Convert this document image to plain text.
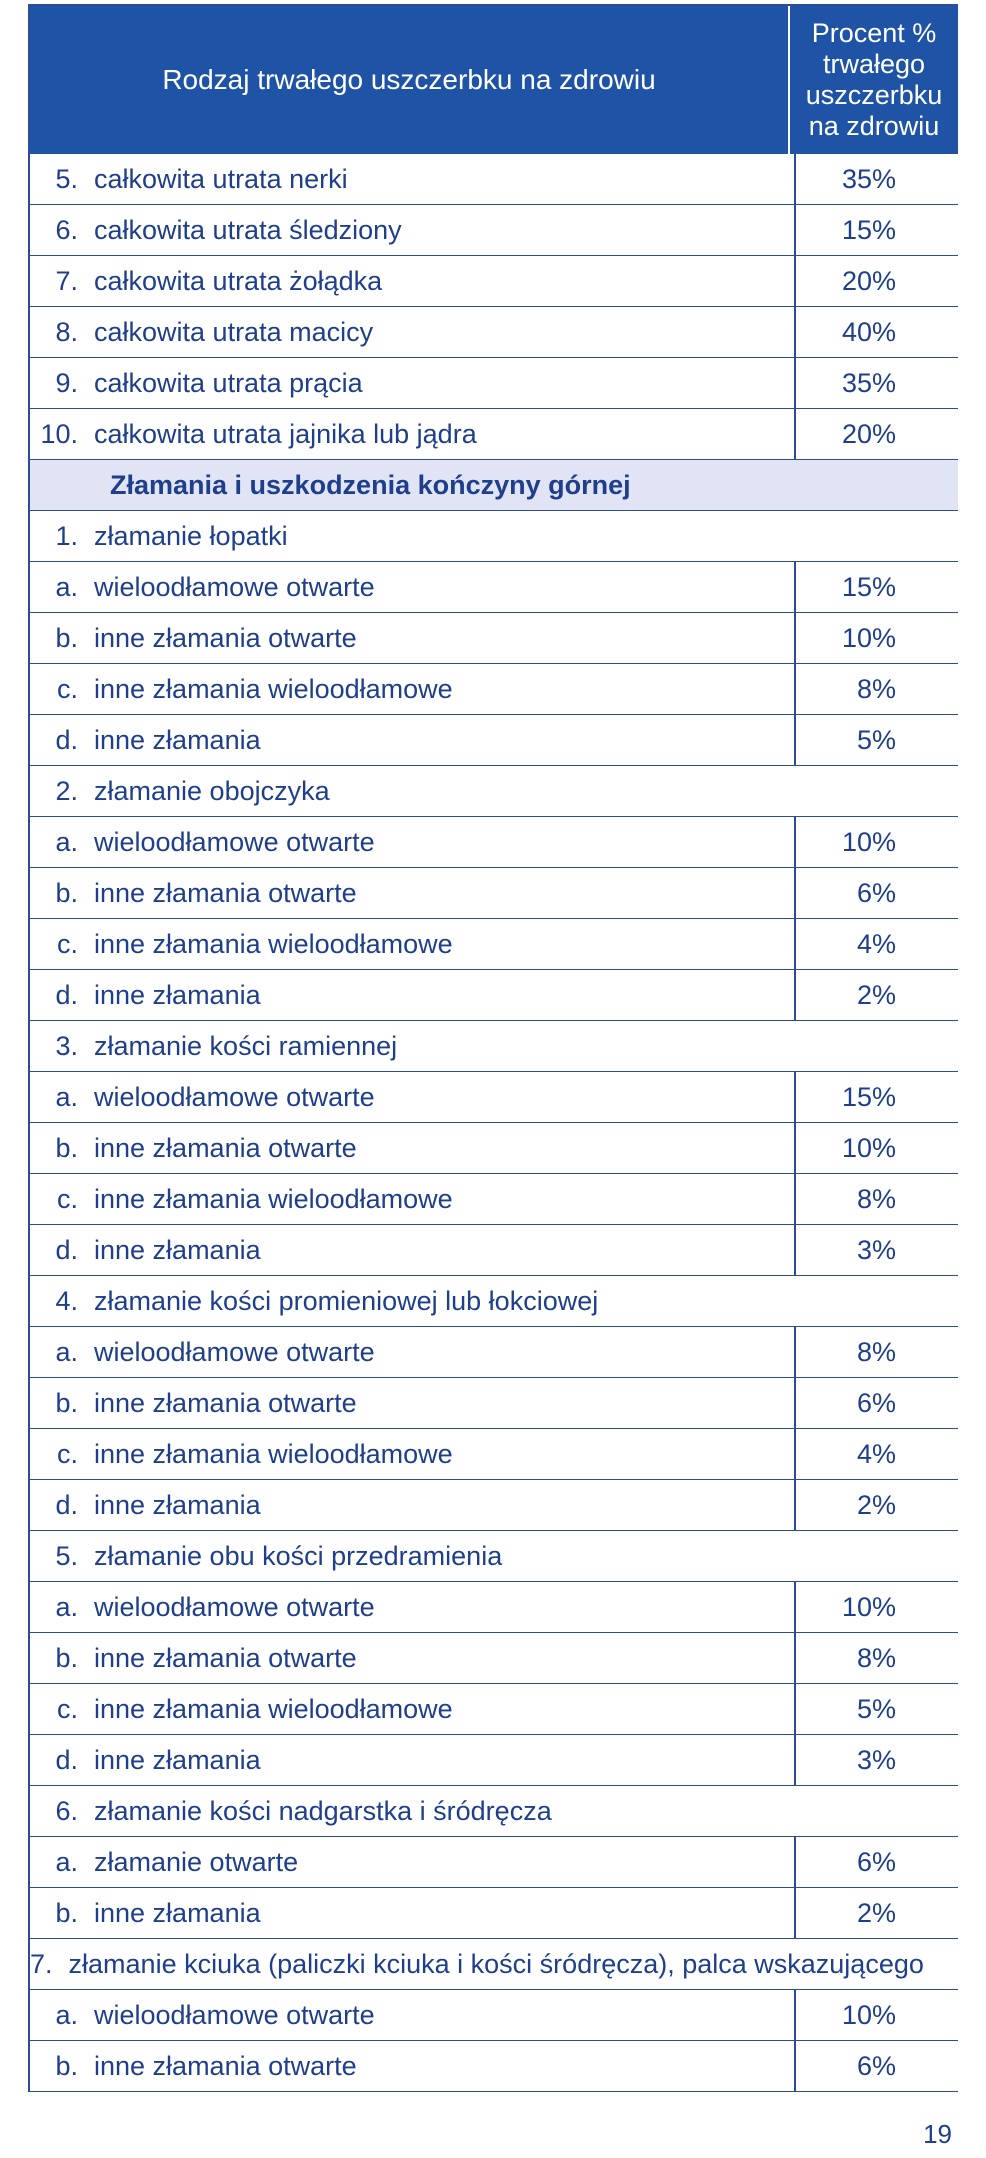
Rodzaj trwałego uszczerbku na zdrowiu
Procent % trwałego uszczerbku na zdrowiu
5. całkowita utrata nerki	35%
6. całkowita utrata śledziony	15%
7. całkowita utrata żołądka	20%
8. całkowita utrata macicy	40%
9. całkowita utrata prącia	35%
10. całkowita utrata jajnika lub jądra	20%
Złamania i uszkodzenia kończyny górnej
1. złamanie łopatki
a. wieloodłamowe otwarte	15%
b. inne złamania otwarte	10%
c. inne złamania wieloodłamowe	8%
d. inne złamania	5%
2. złamanie obojczyka
a. wieloodłamowe otwarte	10%
b. inne złamania otwarte	6%
c. inne złamania wieloodłamowe	4%
d. inne złamania	2%
3. złamanie kości ramiennej
a. wieloodłamowe otwarte	15%
b. inne złamania otwarte	10%
c. inne złamania wieloodłamowe	8%
d. inne złamania	3%
4. złamanie kości promieniowej lub łokciowej
a. wieloodłamowe otwarte	8%
b. inne złamania otwarte	6%
c. inne złamania wieloodłamowe	4%
d. inne złamania	2%
5. złamanie obu kości przedramienia
a. wieloodłamowe otwarte	10%
b. inne złamania otwarte	8%
c. inne złamania wieloodłamowe	5%
d. inne złamania	3%
6. złamanie kości nadgarstka i śródręcza
a. złamanie otwarte	6%
b. inne złamania	2%
7. złamanie kciuka (paliczki kciuka i kości śródręcza), palca wskazującego
a. wieloodłamowe otwarte	10%
b. inne złamania otwarte	6%
19
